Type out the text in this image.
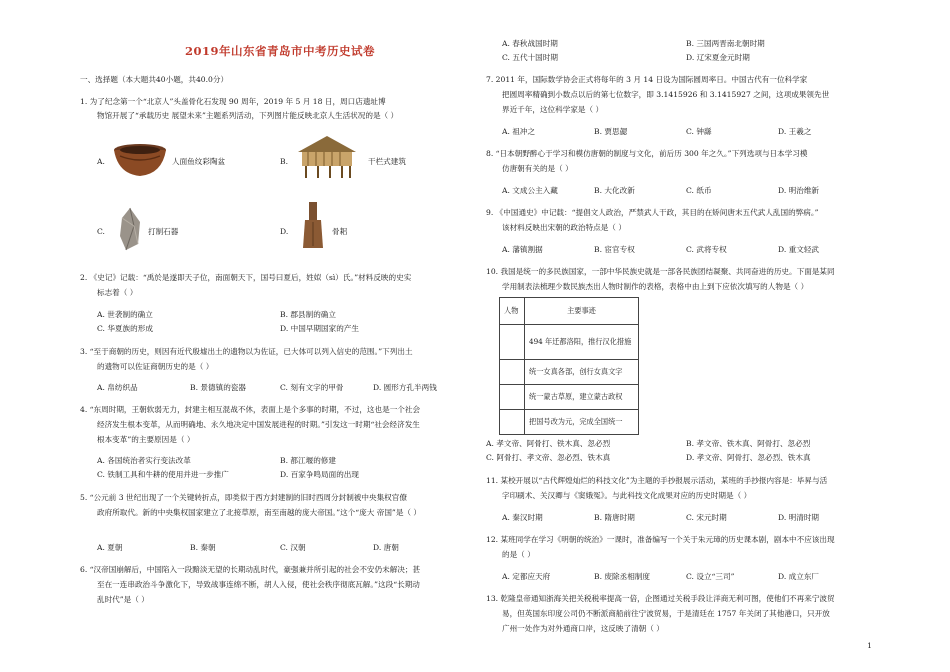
2019年山东省青岛市中考历史试卷
一、选择题（本大题共40小题，共40.0分）
1. 为了纪念第一个“北京人”头盖骨化石发现 90 周年，2019 年 5 月 18 日，周口店遗址博
物馆开展了“承载历史 展望未来”主题系列活动，下列图片能反映北京人生活状况的是（ ）
A.	人面鱼纹彩陶盆	B.	干栏式建筑
C.	打制石器	D.	骨耜
2. 《史记》记载：“禹於是遂即天子位，南面朝天下，国号曰夏后，姓姒（sì）氏。”材料反映的史实
标志着（ ）
A. 世袭制的确立	B. 郡县制的确立
C. 华夏族的形成	D. 中国早期国家的产生
3. “至于商朝的历史，则因有近代殷墟出土的遗物以为佐证，已大体可以列入信史的范围。”下列出土
的遗物可以佐证商朝历史的是（ ）
A. 帛纺织品	B. 景德镇的瓷器	C. 刻有文字的甲骨	D. 圆形方孔半两钱
4. “东周时期，王朝软弱无力，封建主相互混战不休，表面上是个多事的时期，不过，这也是一个社会
经济发生根本变革，从而明确地、永久地决定中国发展进程的时期。”引发这一时期“社会经济发生
根本变革”的主要原因是（ ）
A. 各国统治者实行变法改革	B. 都江堰的修建
C. 铁制工具和牛耕的使用并进一步推广	D. 百家争鸣局面的出现
5. “公元前 3 世纪出现了一个关键转折点，即类似于西方封建制的旧时西周分封制被中央集权官僚
政府所取代。新的中央集权国家建立了北接草原，南至南越的庞大帝国。”这个“庞大 帝国”是（ ）
A. 夏朝	B. 秦朝	C. 汉朝	D. 唐朝
6. “汉帝国崩解后，中国陷入一段黯淡无望的长期动乱时代，豪强兼并所引起的社会不安仍未解决；甚
至在一连串政治斗争激化下，导致战事连绵不断，胡人入侵，使社会秩序彻底瓦解。”这段“长期动
乱时代”是（ ）
A. 春秋战国时期	B. 三国两晋南北朝时期
C. 五代十国时期	D. 辽宋夏金元时期
7. 2011 年，国际数学协会正式将每年的 3 月 14 日设为国际圆周率日。中国古代有一位科学家
把圆周率精确到小数点以后的第七位数字，即 3.1415926 和 3.1415927 之间，这项成果领先世
界近千年，这位科学家是（ ）
A. 祖冲之	B. 贾思勰	C. 钟繇	D. 王羲之
8. “日本朝野醉心于学习和模仿唐朝的制度与文化，前后历 300 年之久。”下列选项与日本学习模
仿唐朝有关的是（ ）
A. 文成公主入藏	B. 大化改新	C. 纸币	D. 明治维新
9. 《中国通史》中记载：“提倡文人政治，严禁武人干政，其目的在矫间唐末五代武人乱国的弊病。”
该材料反映出宋朝的政治特点是（ ）
A. 藩镇割据	B. 宦官专权	C. 武将专权	D. 重文轻武
10. 我国是统一的多民族国家，一部中华民族史就是一部各民族团结凝聚、共同奋进的历史。下面是某同
学用制表法梳理少数民族杰出人物时制作的表格，表格中由上到下应依次填写的人物是（ ）
人物	主要事迹
	494 年迁都洛阳，推行汉化措施
	统一女真各部，创行女真文字
	统一蒙古草原，建立蒙古政权
	把国号改为元，完成全国统一
A. 孝文帝、阿骨打、铁木真、忽必烈	B. 孝文帝、铁木真、阿骨打、忽必烈
C. 阿骨打、孝文帝、忽必烈、铁木真	D. 孝文帝、阿骨打、忽必烈、铁木真
11. 某校开展以“古代辉煌灿烂的科技文化”为主题的手抄报展示活动，某班的手抄报内容是：毕昇与活
字印刷术、关汉卿与《窦娥冤》。与此科技文化成果对应的历史时期是（ ）
A. 秦汉时期	B. 隋唐时期	C. 宋元时期	D. 明清时期
12. 某班同学在学习《明朝的统治》一课时，准备编写一个关于朱元璋的历史课本剧，剧本中不应该出现
的是（ ）
A. 定都应天府	B. 废除丞相制度	C. 设立“三司”	D. 成立东厂
13. 乾隆皇帝通知浙海关把关税税率提高一倍，企图通过关税手段让洋商无利可图，使他们不再来宁波贸
易，但英国东印度公司仍不断派商船前往宁波贸易，于是清廷在 1757 年关闭了其他港口，只开放
广州一处作为对外通商口岸，这反映了清朝（ ）
1
